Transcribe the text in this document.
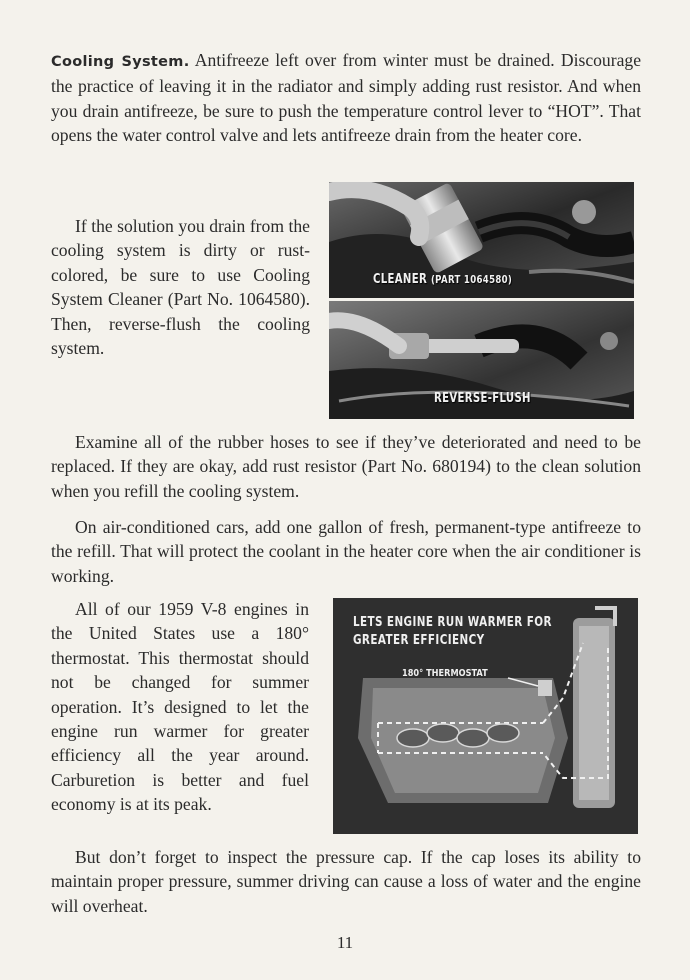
Cooling System. Antifreeze left over from winter must be drained. Discourage the practice of leaving it in the radiator and simply adding rust resistor. And when you drain antifreeze, be sure to push the temperature control lever to “HOT”. That opens the water control valve and lets antifreeze drain from the heater core.

If the solution you drain from the cooling system is dirty or rust-colored, be sure to use Cooling System Cleaner (Part No. 1064580). Then, reverse-flush the cooling system.

CLEANER (PART 1064580)
REVERSE-FLUSH

Examine all of the rubber hoses to see if they’ve deteriorated and need to be replaced. If they are okay, add rust resistor (Part No. 680194) to the clean solution when you refill the cooling system.

On air-conditioned cars, add one gallon of fresh, permanent-type antifreeze to the refill. That will protect the coolant in the heater core when the air conditioner is working.

All of our 1959 V-8 engines in the United States use a 180° thermostat. This thermostat should not be changed for summer operation. It’s designed to let the engine run warmer for greater efficiency all the year around. Carburetion is better and fuel economy is at its peak.

LETS ENGINE RUN WARMER FOR
GREATER EFFICIENCY
180° THERMOSTAT

But don’t forget to inspect the pressure cap. If the cap loses its ability to maintain proper pressure, summer driving can cause a loss of water and the engine will overheat.

11
